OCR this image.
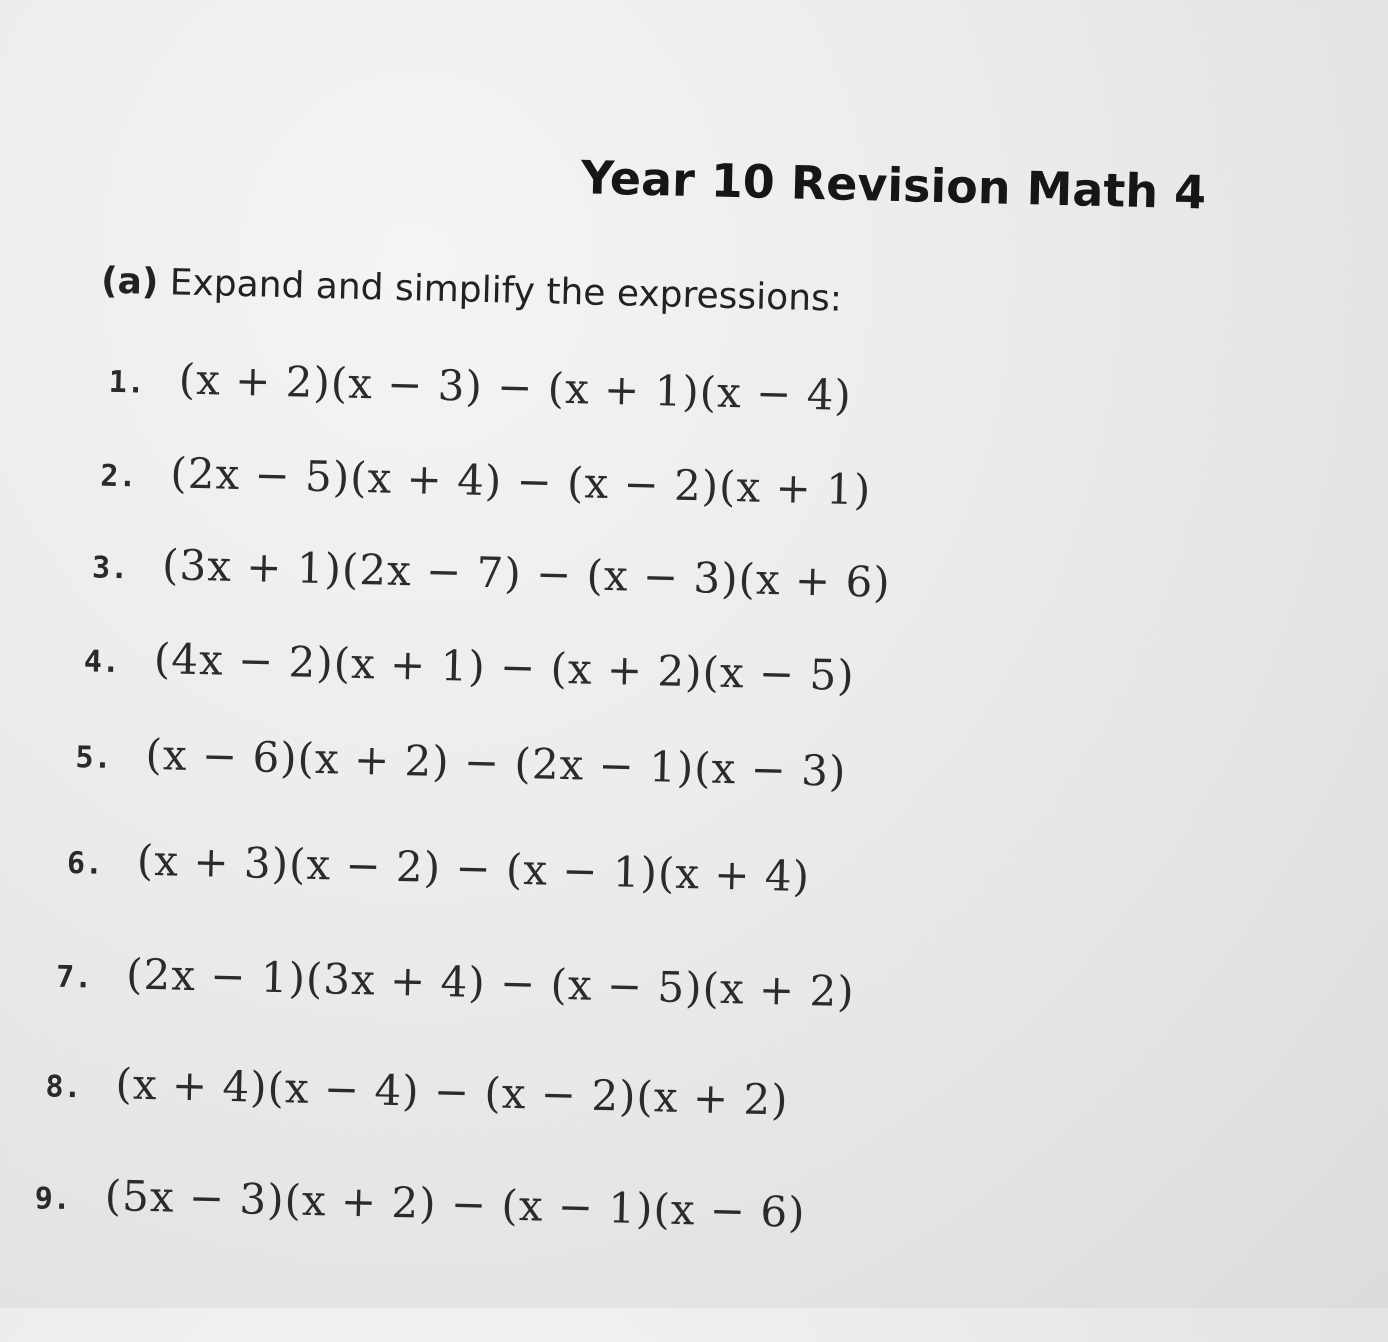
Year 10 Revision Math 4
(a) Expand and simplify the expressions:
1. (x + 2)(x − 3) − (x + 1)(x − 4)
2. (2x − 5)(x + 4) − (x − 2)(x + 1)
3. (3x + 1)(2x − 7) − (x − 3)(x + 6)
4. (4x − 2)(x + 1) − (x + 2)(x − 5)
5. (x − 6)(x + 2) − (2x − 1)(x − 3)
6. (x + 3)(x − 2) − (x − 1)(x + 4)
7. (2x − 1)(3x + 4) − (x − 5)(x + 2)
8. (x + 4)(x − 4) − (x − 2)(x + 2)
9. (5x − 3)(x + 2) − (x − 1)(x − 6)
